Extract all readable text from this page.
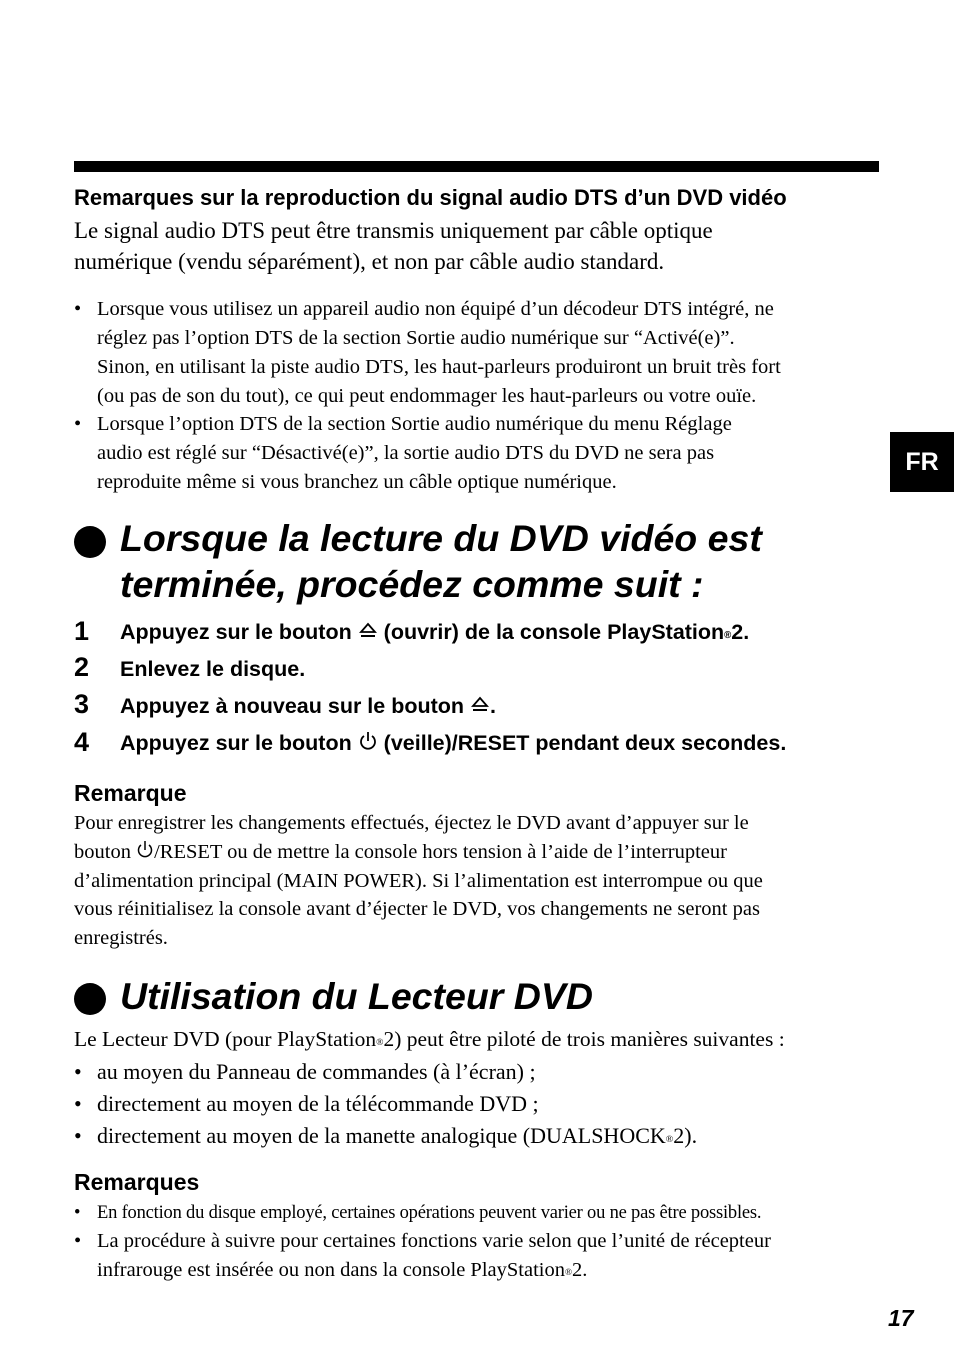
FR
Remarques sur la reproduction du signal audio DTS d’un DVD vidéo
Le signal audio DTS peut être transmis uniquement par câble optique
numérique (vendu séparément), et non par câble audio standard.
• Lorsque vous utilisez un appareil audio non équipé d’un décodeur DTS intégré, ne
réglez pas l’option DTS de la section Sortie audio numérique sur “Activé(e)”.
Sinon, en utilisant la piste audio DTS, les haut-parleurs produiront un bruit très fort
(ou pas de son du tout), ce qui peut endommager les haut-parleurs ou votre ouïe.
• Lorsque l’option DTS de la section Sortie audio numérique du menu Réglage
audio est réglé sur “Désactivé(e)”, la sortie audio DTS du DVD ne sera pas
reproduite même si vous branchez un câble optique numérique.
Lorsque la lecture du DVD vidéo est
terminée, procédez comme suit :
1 Appuyez sur le bouton  (ouvrir) de la console PlayStation®2.
2 Enlevez le disque.
3 Appuyez à nouveau sur le bouton .
4 Appuyez sur le bouton  (veille)/RESET pendant deux secondes.
Remarque
Pour enregistrer les changements effectués, éjectez le DVD avant d’appuyer sur le
bouton /RESET ou de mettre la console hors tension à l’aide de l’interrupteur
d’alimentation principal (MAIN POWER). Si l’alimentation est interrompue ou que
vous réinitialisez la console avant d’éjecter le DVD, vos changements ne seront pas
enregistrés.
Utilisation du Lecteur DVD
Le Lecteur DVD (pour PlayStation®2) peut être piloté de trois manières suivantes :
• au moyen du Panneau de commandes (à l’écran) ;
• directement au moyen de la télécommande DVD ;
• directement au moyen de la manette analogique (DUALSHOCK®2).
Remarques
• En fonction du disque employé, certaines opérations peuvent varier ou ne pas être possibles.
• La procédure à suivre pour certaines fonctions varie selon que l’unité de récepteur
infrarouge est insérée ou non dans la console PlayStation®2.
17
